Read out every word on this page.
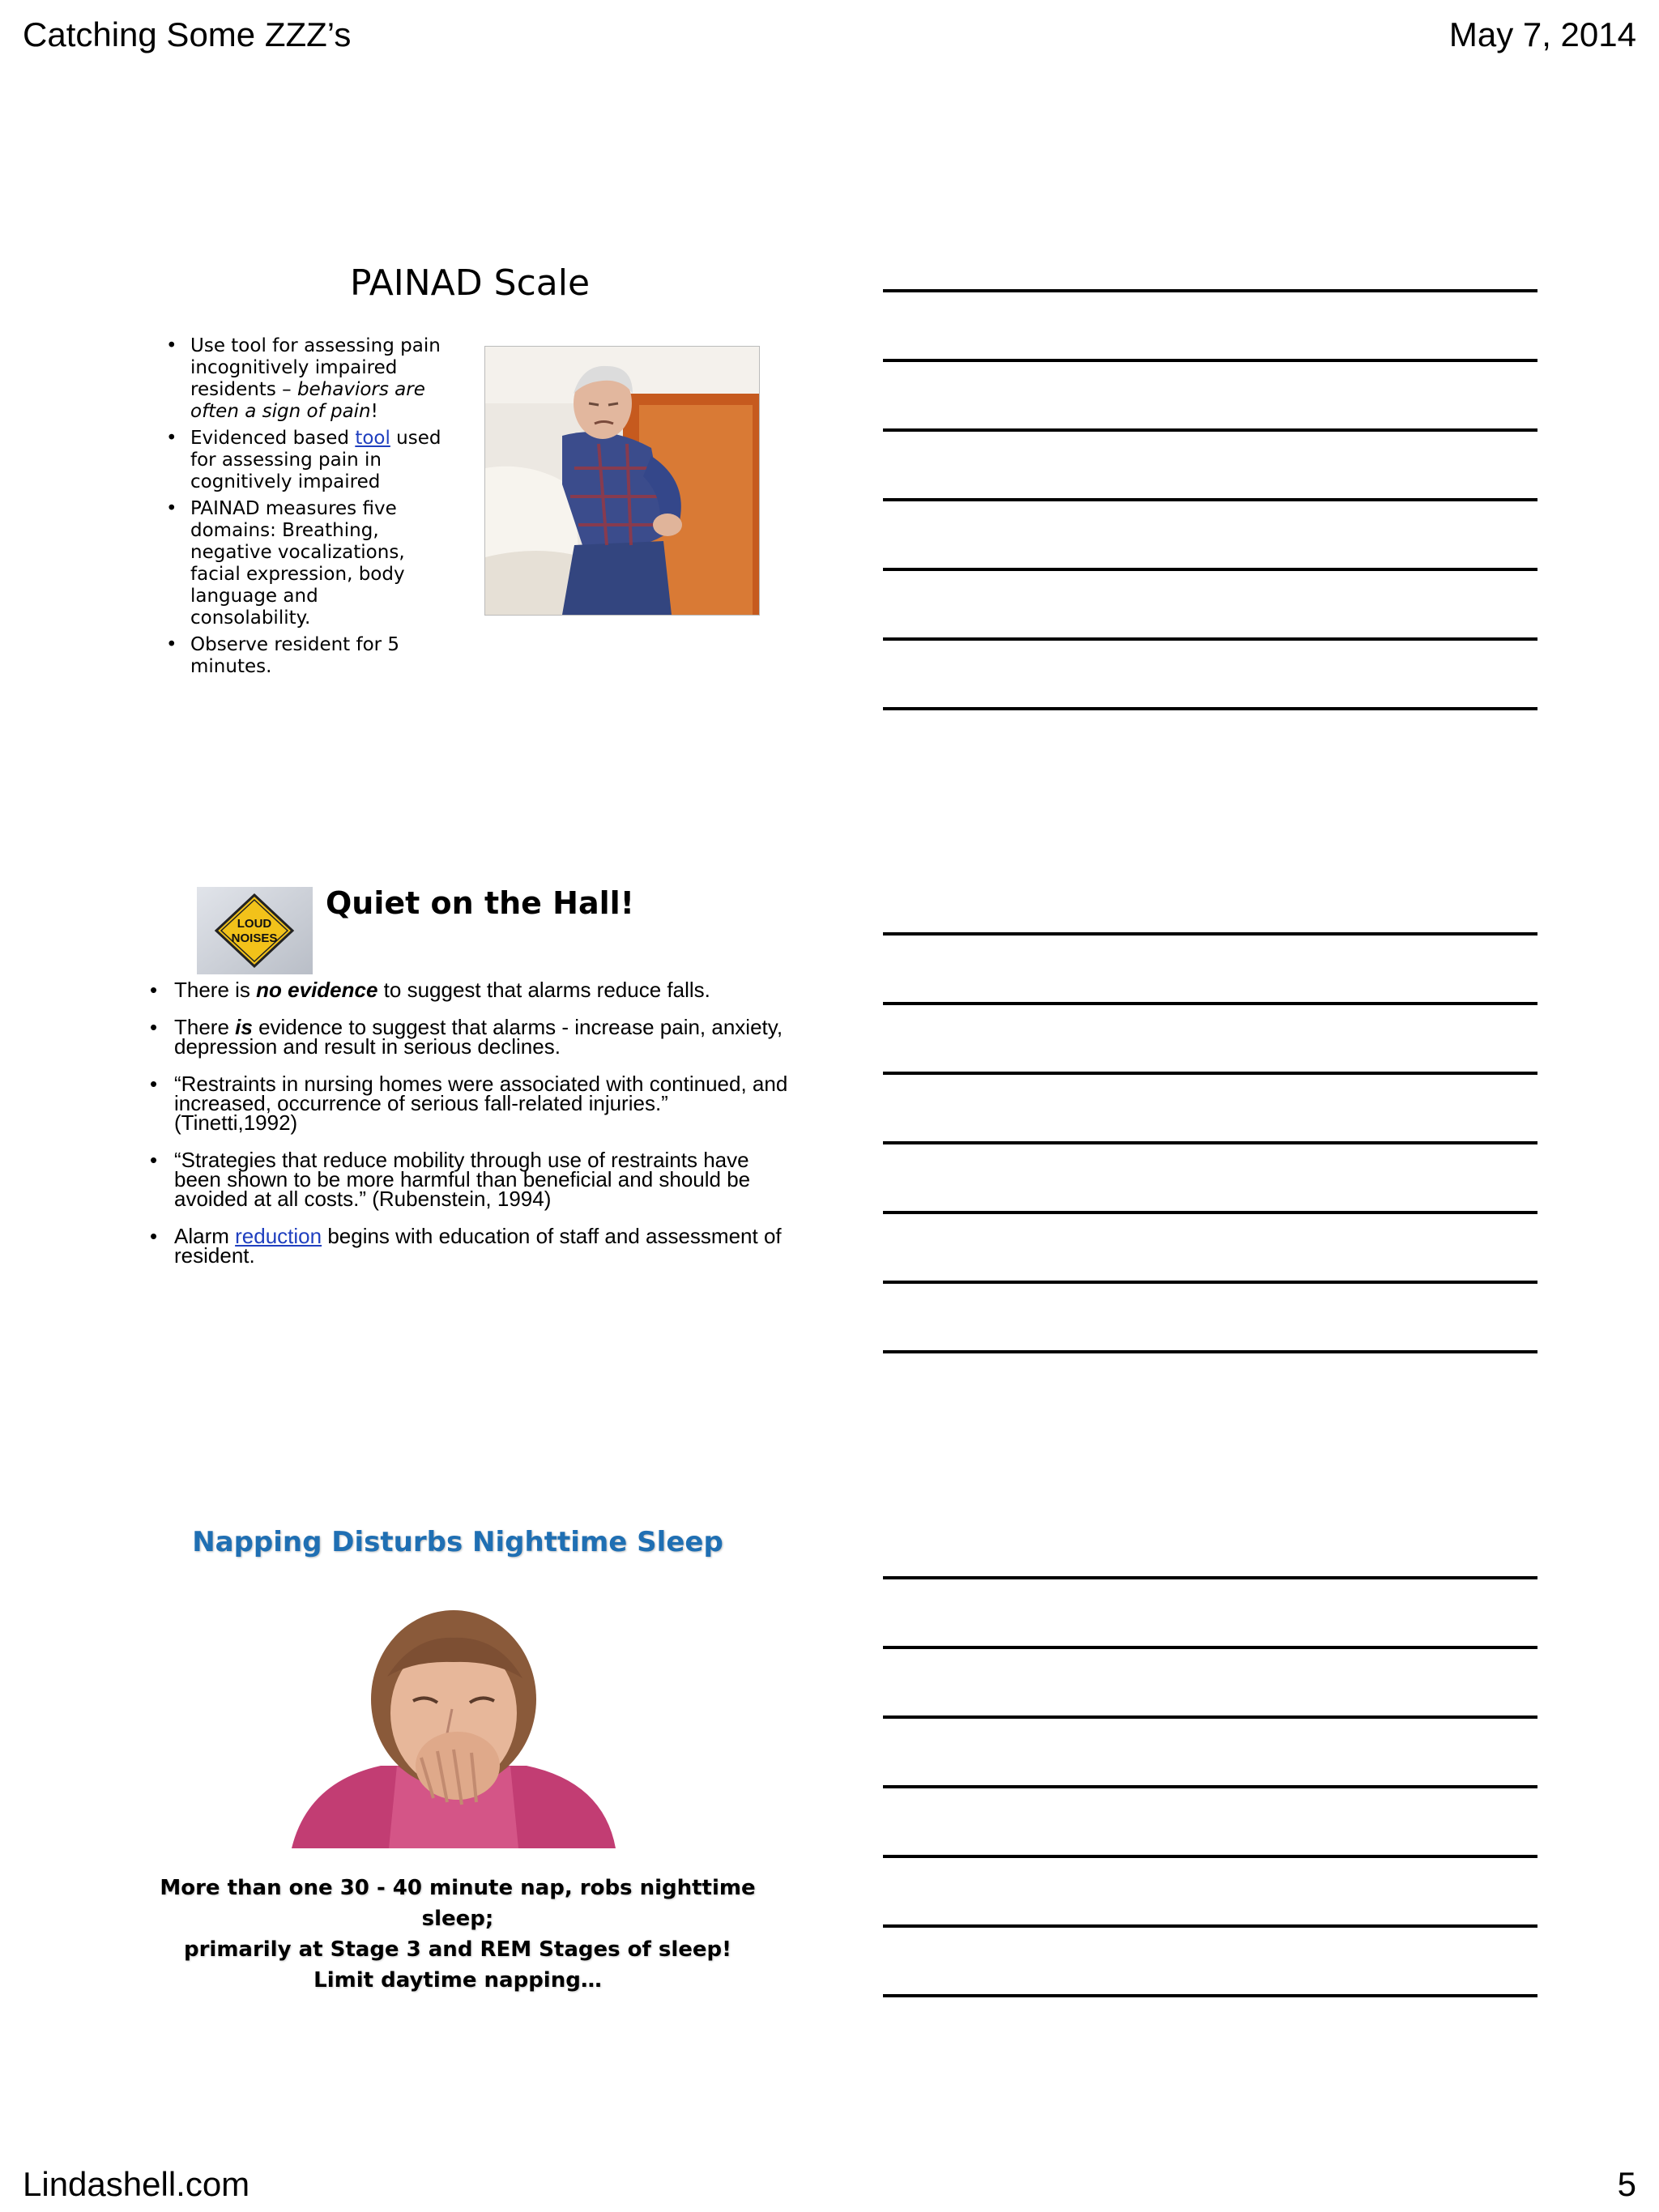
Catching Some ZZZ’s	May 7, 2014
PAINAD Scale
• Use tool for assessing pain incognitively impaired residents – behaviors are often a sign of pain!
• Evidenced based tool used for assessing pain in cognitively impaired
• PAINAD measures five domains: Breathing, negative vocalizations, facial expression, body language and consolability.
• Observe resident for 5 minutes.
LOUD
NOISES
Quiet on the Hall!
• There is no evidence to suggest that alarms reduce falls.
• There is evidence to suggest that alarms - increase pain, anxiety, depression and result in serious declines.
• “Restraints in nursing homes were associated with continued, and increased, occurrence of serious fall-related injuries.” (Tinetti,1992)
• “Strategies that reduce mobility through use of restraints have been shown to be more harmful than beneficial and should be avoided at all costs.” (Rubenstein, 1994)
• Alarm reduction begins with education of staff and assessment of resident.
Napping Disturbs Nighttime Sleep

More than one 30 - 40 minute nap, robs nighttime sleep;
primarily at Stage 3 and REM Stages of sleep!
Limit daytime napping…

Lindashell.com	5
